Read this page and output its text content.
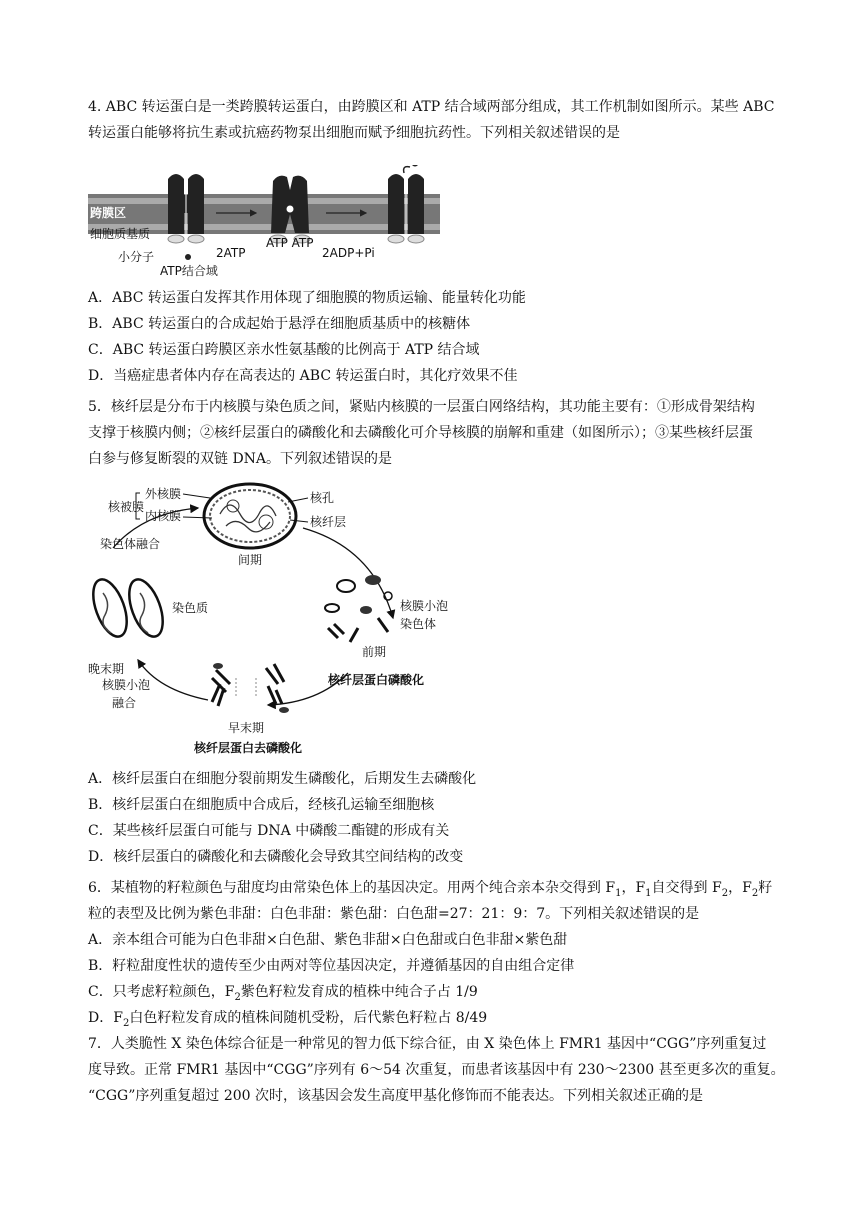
4. ABC 转运蛋白是一类跨膜转运蛋白，由跨膜区和 ATP 结合域两部分组成，其工作机制如图所示。某些 ABC
转运蛋白能够将抗生素或抗癌药物泵出细胞而赋予细胞抗药性。下列相关叙述错误的是
跨膜区
细胞质基质
小分子
ATP结合域
2ATP
ATP ATP
2ADP+Pi
A．ABC 转运蛋白发挥其作用体现了细胞膜的物质运输、能量转化功能
B．ABC 转运蛋白的合成起始于悬浮在细胞质基质中的核糖体
C．ABC 转运蛋白跨膜区亲水性氨基酸的比例高于 ATP 结合域
D．当癌症患者体内存在高表达的 ABC 转运蛋白时，其化疗效果不佳
5．核纤层是分布于内核膜与染色质之间，紧贴内核膜的一层蛋白网络结构，其功能主要有：①形成骨架结构
支撑于核膜内侧；②核纤层蛋白的磷酸化和去磷酸化可介导核膜的崩解和重建（如图所示）；③某些核纤层蛋
白参与修复断裂的双链 DNA。下列叙述错误的是
核被膜
外核膜
内核膜
核孔
核纤层
间期
染色体融合
染色质
晚末期
核膜小泡
染色体
前期
核膜小泡
融合
核纤层蛋白磷酸化
早末期
核纤层蛋白去磷酸化
A．核纤层蛋白在细胞分裂前期发生磷酸化，后期发生去磷酸化
B．核纤层蛋白在细胞质中合成后，经核孔运输至细胞核
C．某些核纤层蛋白可能与 DNA 中磷酸二酯键的形成有关
D．核纤层蛋白的磷酸化和去磷酸化会导致其空间结构的改变
6．某植物的籽粒颜色与甜度均由常染色体上的基因决定。用两个纯合亲本杂交得到 $F_1$，$F_1$自交得到 $F_2$，$F_2$籽
粒的表型及比例为紫色非甜：白色非甜：紫色甜：白色甜=27：21：9：7。下列相关叙述错误的是
A．亲本组合可能为白色非甜×白色甜、紫色非甜×白色甜或白色非甜×紫色甜
B．籽粒甜度性状的遗传至少由两对等位基因决定，并遵循基因的自由组合定律
C．只考虑籽粒颜色，$F_2$紫色籽粒发育成的植株中纯合子占 1/9
D．$F_2$白色籽粒发育成的植株间随机受粉，后代紫色籽粒占 8/49
7．人类脆性 X 染色体综合征是一种常见的智力低下综合征，由 X 染色体上 FMR1 基因中“CGG”序列重复过
度导致。正常 FMR1 基因中“CGG”序列有 6～54 次重复，而患者该基因中有 230～2300 甚至更多次的重复。
“CGG”序列重复超过 200 次时，该基因会发生高度甲基化修饰而不能表达。下列相关叙述正确的是
